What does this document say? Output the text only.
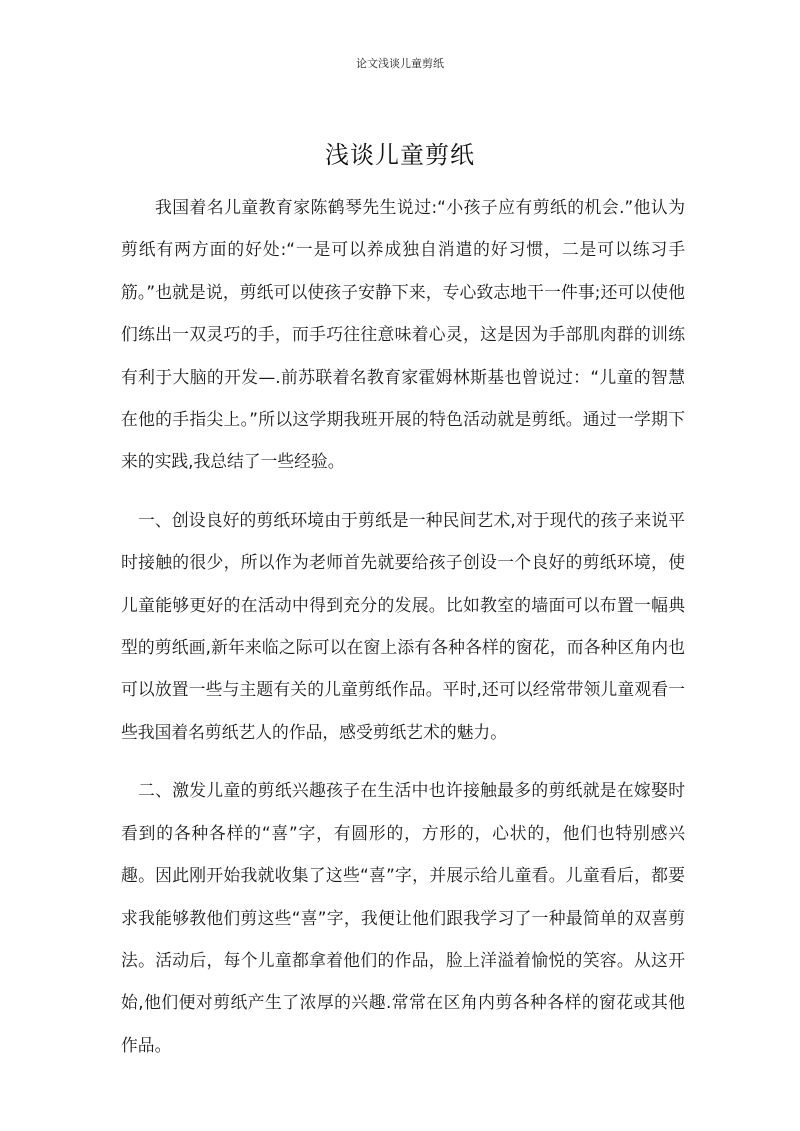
论文浅谈儿童剪纸
浅谈儿童剪纸

我国着名儿童教育家陈鹤琴先生说过:“小孩子应有剪纸的机会.”他认为剪纸有两方面的好处:“一是可以养成独自消遣的好习惯，二是可以练习手筋。”也就是说，剪纸可以使孩子安静下来，专心致志地干一件事;还可以使他们练出一双灵巧的手，而手巧往往意味着心灵，这是因为手部肌肉群的训练有利于大脑的开发—.前苏联着名教育家霍姆林斯基也曾说过：“儿童的智慧在他的手指尖上。”所以这学期我班开展的特色活动就是剪纸。通过一学期下来的实践,我总结了一些经验。

一、创设良好的剪纸环境由于剪纸是一种民间艺术,对于现代的孩子来说平时接触的很少，所以作为老师首先就要给孩子创设一个良好的剪纸环境，使儿童能够更好的在活动中得到充分的发展。比如教室的墙面可以布置一幅典型的剪纸画,新年来临之际可以在窗上添有各种各样的窗花，而各种区角内也可以放置一些与主题有关的儿童剪纸作品。平时,还可以经常带领儿童观看一些我国着名剪纸艺人的作品，感受剪纸艺术的魅力。

二、激发儿童的剪纸兴趣孩子在生活中也许接触最多的剪纸就是在嫁娶时看到的各种各样的“喜”字，有圆形的，方形的，心状的，他们也特别感兴趣。因此刚开始我就收集了这些“喜”字，并展示给儿童看。儿童看后，都要求我能够教他们剪这些“喜”字，我便让他们跟我学习了一种最简单的双喜剪法。活动后，每个儿童都拿着他们的作品，脸上洋溢着愉悦的笑容。从这开始,他们便对剪纸产生了浓厚的兴趣.常常在区角内剪各种各样的窗花或其他作品。
